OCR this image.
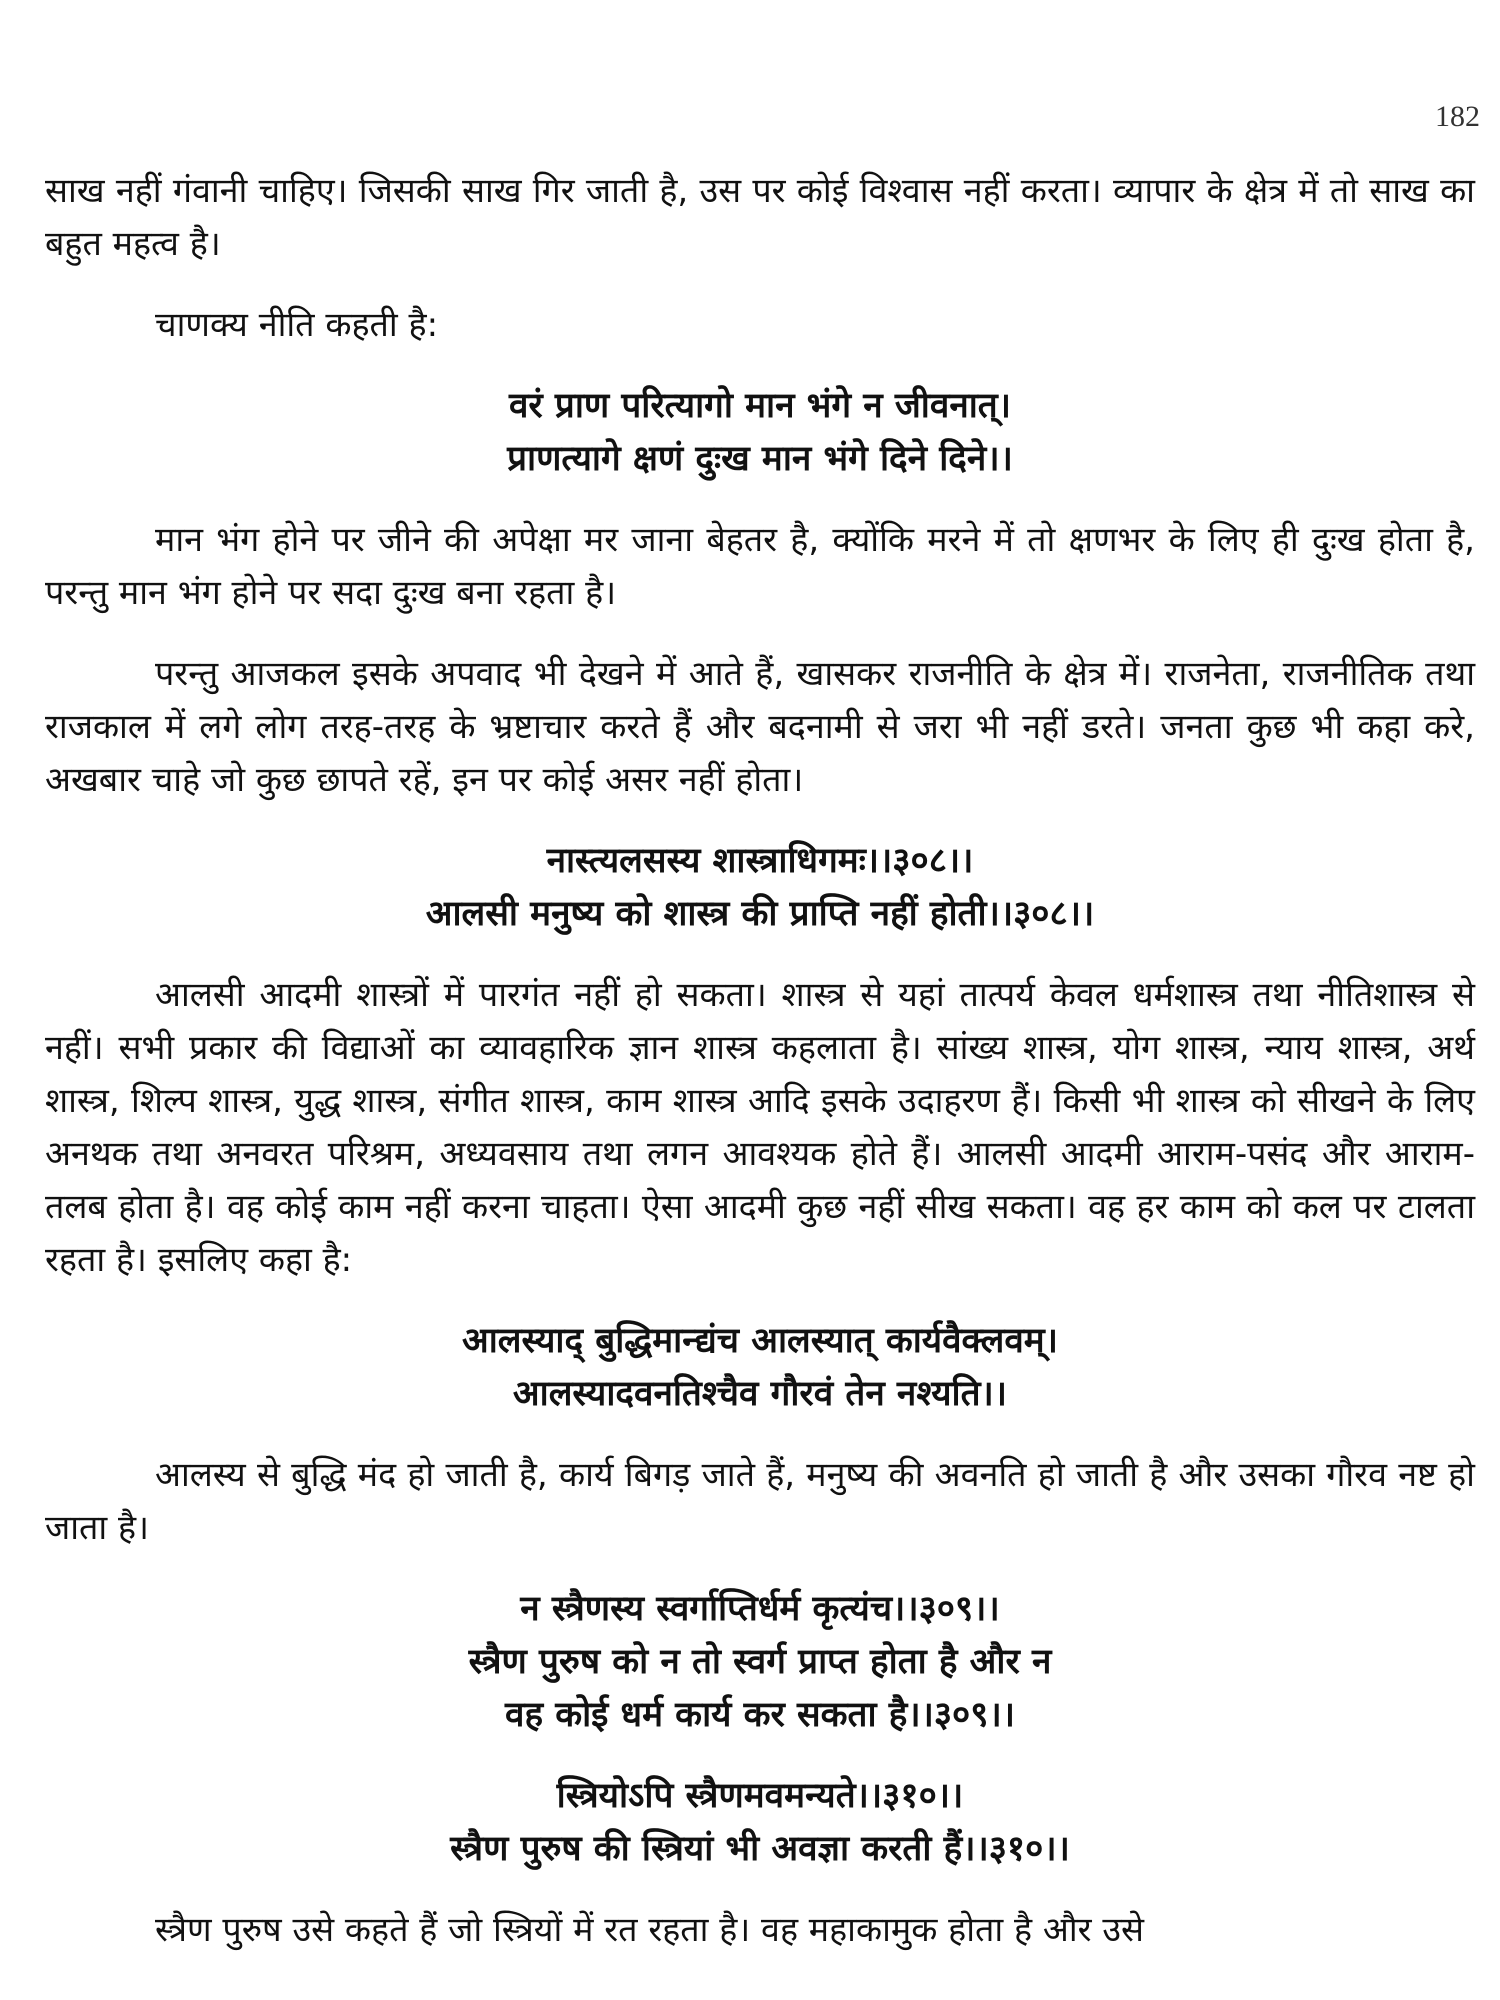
182

साख नहीं गंवानी चाहिए। जिसकी साख गिर जाती है, उस पर कोई विश्वास नहीं करता। व्यापार के क्षेत्र में तो साख का बहुत महत्व है।

चाणक्य नीति कहती है:

वरं प्राण परित्यागो मान भंगे न जीवनात्।
प्राणत्यागे क्षणं दुःख मान भंगे दिने दिने।।

मान भंग होने पर जीने की अपेक्षा मर जाना बेहतर है, क्योंकि मरने में तो क्षणभर के लिए ही दुःख होता है, परन्तु मान भंग होने पर सदा दुःख बना रहता है।

परन्तु आजकल इसके अपवाद भी देखने में आते हैं, खासकर राजनीति के क्षेत्र में। राजनेता, राजनीतिक तथा राजकाल में लगे लोग तरह-तरह के भ्रष्टाचार करते हैं और बदनामी से जरा भी नहीं डरते। जनता कुछ भी कहा करे, अखबार चाहे जो कुछ छापते रहें, इन पर कोई असर नहीं होता।

नास्त्यलसस्य शास्त्राधिगमः।।३०८।।
आलसी मनुष्य को शास्त्र की प्राप्ति नहीं होती।।३०८।।

आलसी आदमी शास्त्रों में पारगंत नहीं हो सकता। शास्त्र से यहां तात्पर्य केवल धर्मशास्त्र तथा नीतिशास्त्र से नहीं। सभी प्रकार की विद्याओं का व्यावहारिक ज्ञान शास्त्र कहलाता है। सांख्य शास्त्र, योग शास्त्र, न्याय शास्त्र, अर्थ शास्त्र, शिल्प शास्त्र, युद्ध शास्त्र, संगीत शास्त्र, काम शास्त्र आदि इसके उदाहरण हैं। किसी भी शास्त्र को सीखने के लिए अनथक तथा अनवरत परिश्रम, अध्यवसाय तथा लगन आवश्यक होते हैं। आलसी आदमी आराम-पसंद और आराम-तलब होता है। वह कोई काम नहीं करना चाहता। ऐसा आदमी कुछ नहीं सीख सकता। वह हर काम को कल पर टालता रहता है। इसलिए कहा है:

आलस्याद् बुद्धिमान्द्यंच आलस्यात् कार्यवैक्लवम्।
आलस्यादवनतिश्चैव गौरवं तेन नश्यति।।

आलस्य से बुद्धि मंद हो जाती है, कार्य बिगड़ जाते हैं, मनुष्य की अवनति हो जाती है और उसका गौरव नष्ट हो जाता है।

न स्त्रैणस्य स्वर्गाप्तिर्धर्म कृत्यंच।।३०९।।
स्त्रैण पुरुष को न तो स्वर्ग प्राप्त होता है और न
वह कोई धर्म कार्य कर सकता है।।३०९।।
स्त्रियोऽपि स्त्रैणमवमन्यते।।३१०।।
स्त्रैण पुरुष की स्त्रियां भी अवज्ञा करती हैं।।३१०।।

स्त्रैण पुरुष उसे कहते हैं जो स्त्रियों में रत रहता है। वह महाकामुक होता है और उसे
